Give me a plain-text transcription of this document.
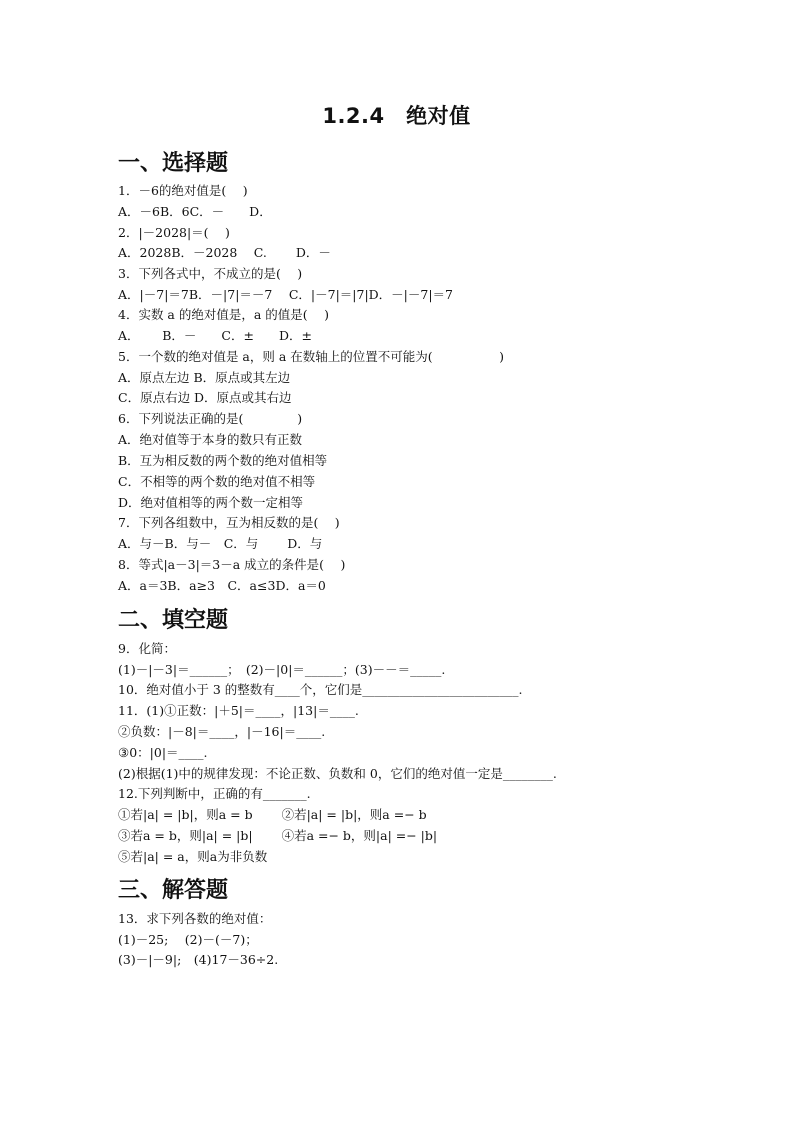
1.2.4　绝对值
一、选择题
1．－6的绝对值是(　 )
A．－6B．6C．－　　D．
2．|－2028|＝(　 )
A．2028B．－2028　 C.　　 D．－
3．下列各式中，不成立的是(　 )
A．|－7|＝7B．－|7|＝－7　 C．|－7|＝|7|D．－|－7|＝7
4．实数 a 的绝对值是，a 的值是(　 )
A．　　 B．－　　C．±　　D．±
5．一个数的绝对值是 a，则 a 在数轴上的位置不可能为(　　　　　 )
A．原点左边 B．原点或其左边
C．原点右边 D．原点或其右边
6．下列说法正确的是(　　　　 )
A．绝对值等于本身的数只有正数
B．互为相反数的两个数的绝对值相等
C．不相等的两个数的绝对值不相等
D．绝对值相等的两个数一定相等
7．下列各组数中，互为相反数的是(　 )
A．与－B．与－　C．与　　 D．与
8．等式|a－3|＝3－a 成立的条件是(　 )
A．a＝3B．a≥3　C．a≤3D．a＝0
二、填空题
9．化简：
(1)－|－3|＝______；　(2)－|0|＝______；(3)－－＝_____.
10．绝对值小于 3 的整数有____个，它们是_________________________.
11．(1)①正数：|＋5|＝____，|13|＝____.
②负数：|－8|＝____，|－16|＝____.
③0：|0|＝____.
(2)根据(1)中的规律发现：不论正数、负数和 0，它们的绝对值一定是________.
12.下列判断中，正确的有_______.
①若|a| = |b|，则a = b　　 ②若|a| = |b|，则a =− b
③若a = b，则|a| = |b|　　 ④若a =− b，则|a| =− |b|
⑤若|a| = a，则a为非负数
三、解答题
13．求下列各数的绝对值：
(1)－25;　 (2)－(－7)；
(3)－|－9|;　(4)17－36÷2.
